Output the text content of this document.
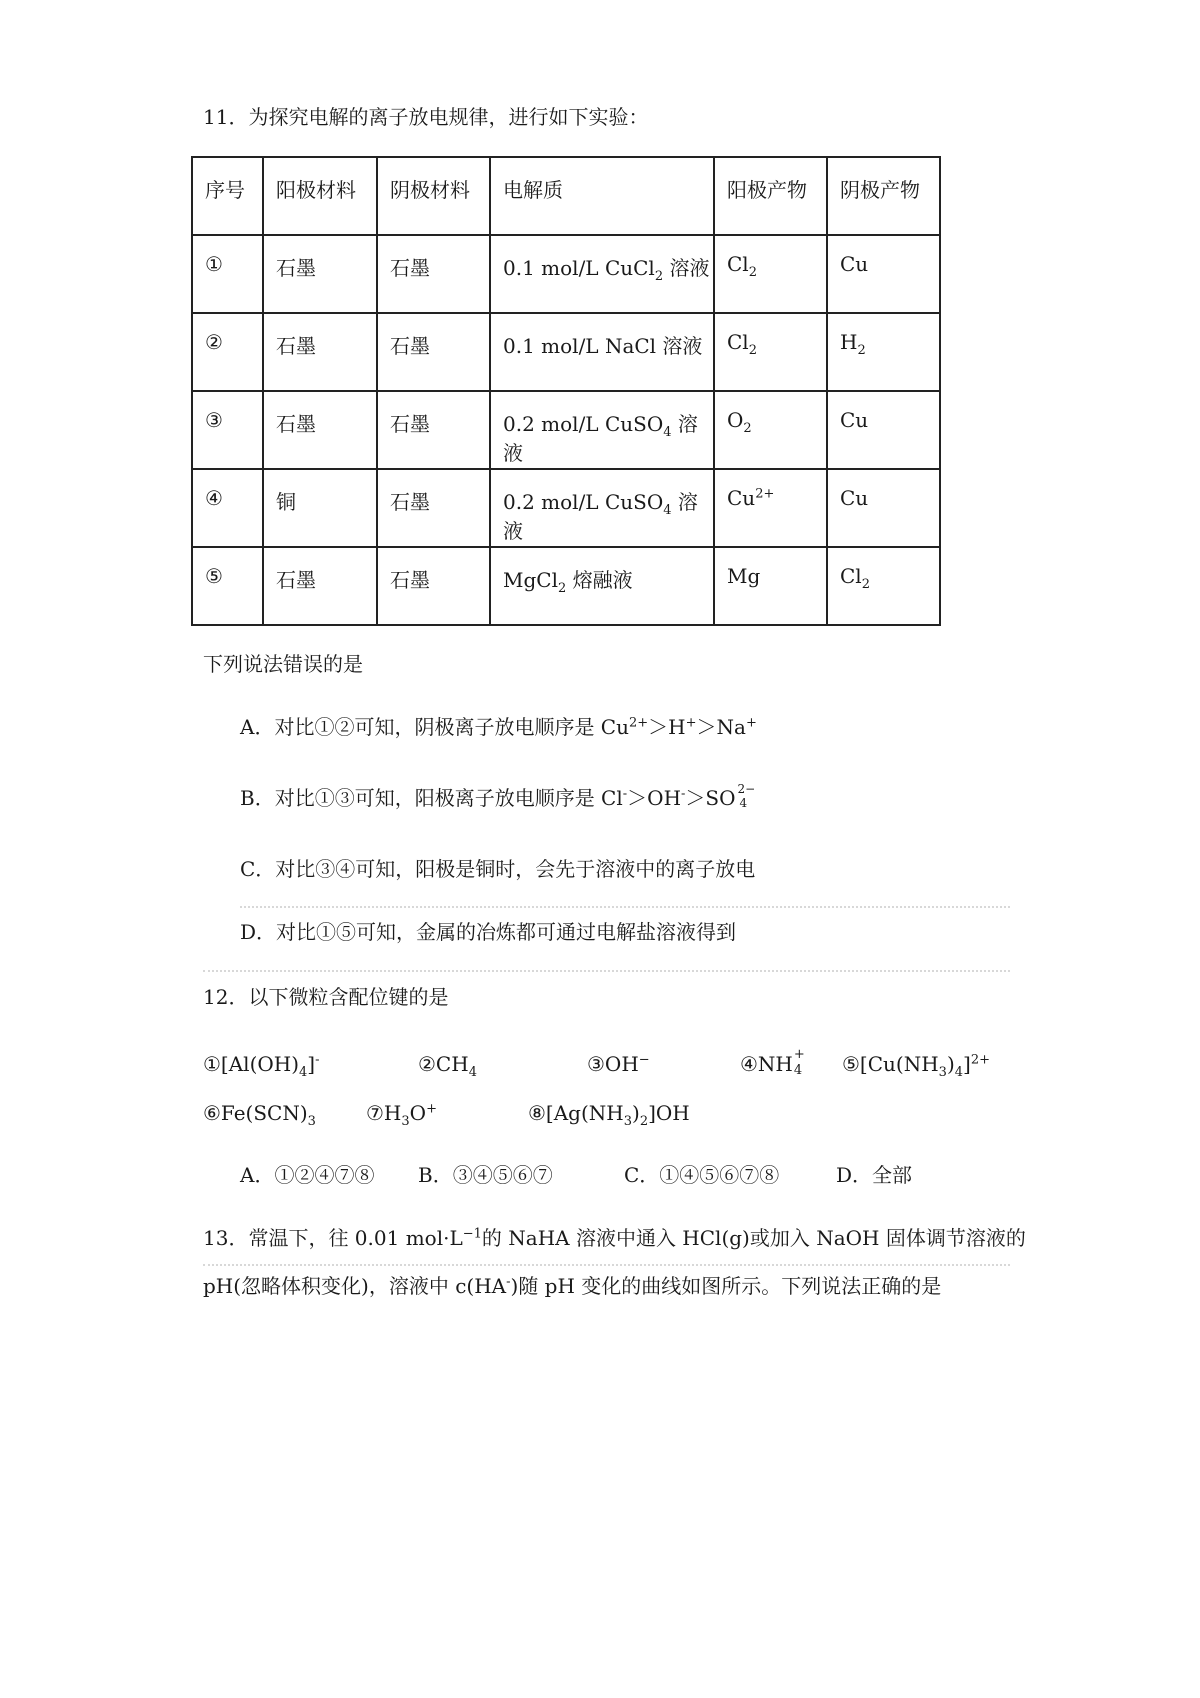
11．为探究电解的离子放电规律，进行如下实验：
序号	阳极材料	阴极材料	电解质	阳极产物	阴极产物
①	石墨	石墨	0.1 mol/L CuCl$_2$ 溶液	$Cl_2$	Cu
②	石墨	石墨	0.1 mol/L NaCl 溶液	$Cl_2$	$H_2$
③	石墨	石墨	0.2 mol/L CuSO$_4$ 溶液	$O_2$	Cu
④	铜	石墨	0.2 mol/L CuSO$_4$ 溶液	$Cu^{2+}$	Cu
⑤	石墨	石墨	MgCl$_2$ 熔融液	Mg	$Cl_2$
下列说法错误的是
A．对比①②可知，阴极离子放电顺序是 $Cu^{2+}>H^+>Na^+$
B．对比①③可知，阳极离子放电顺序是 Cl-＞OH-＞SO 2−
4
C．对比③④可知，阳极是铜时，会先于溶液中的离子放电
D．对比①⑤可知，金属的冶炼都可通过电解盐溶液得到
12．以下微粒含配位键的是
$①[Al(OH)_4]^-$	$②CH_4$	③OH−	④NH +
4 $⑤[Cu(NH_3)_4]^{2+}$
$⑥Fe(SCN)_3$	$⑦H_3O^+$	$⑧[Ag(NH_3)_2]OH$
A．①②④⑦⑧ B．③④⑤⑥⑦	C．①④⑤⑥⑦⑧	D．全部
13．常温下，往 0.01 $mol\cdot L^{-1}$的 NaHA 溶液中通入 HCl(g)或加入 NaOH 固体调节溶液的
pH(忽略体积变化)，溶液中 c(HA-)随 pH 变化的曲线如图所示。下列说法正确的是
